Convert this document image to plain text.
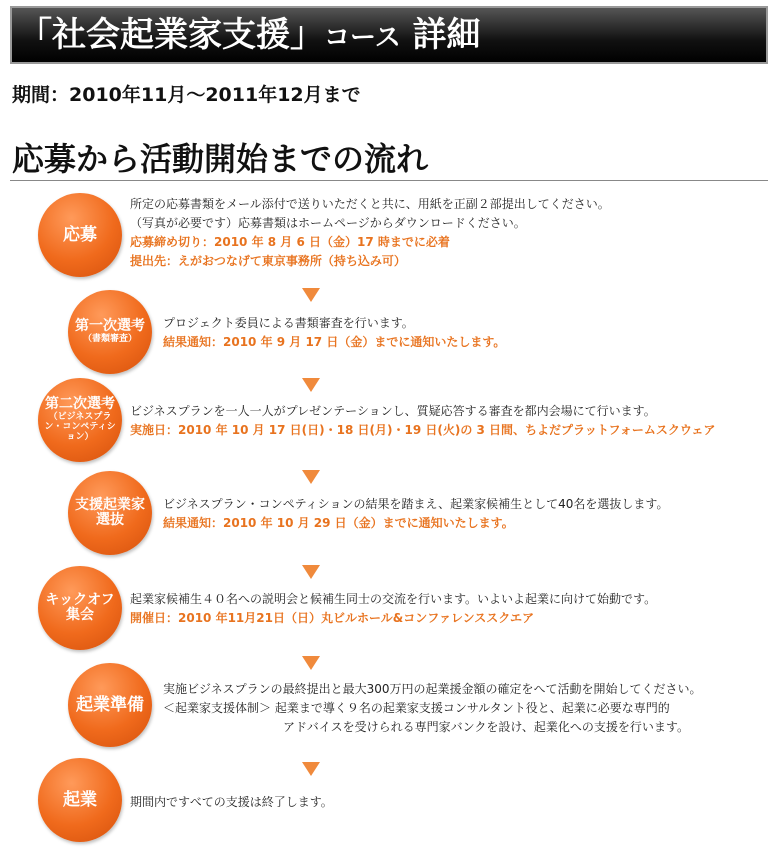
「社会起業家支援」コース 詳細
期間：2010年11月〜2011年12月まで
応募から活動開始までの流れ
応募
所定の応募書類をメール添付で送りいただくと共に、用紙を正副２部提出してください。
（写真が必要です）応募書類はホームページからダウンロードください。
応募締め切り：2010 年 8 月 6 日（金）17 時までに必着
提出先：えがおつなげて東京事務所（持ち込み可）
第一次選考
（書類審査）
プロジェクト委員による書類審査を行います。
結果通知：2010 年 9 月 17 日（金）までに通知いたします。
第二次選考
（ビジネスプラン・コンペティション）
ビジネスプランを一人一人がプレゼンテーションし、質疑応答する審査を都内会場にて行います。
実施日：2010 年 10 月 17 日(日)・18 日(月)・19 日(火)の 3 日間、ちよだプラットフォームスクウェア
支援起業家選抜
ビジネスプラン・コンペティションの結果を踏まえ、起業家候補生として40名を選抜します。
結果通知：2010 年 10 月 29 日（金）までに通知いたします。
キックオフ集会
起業家候補生４０名への説明会と候補生同士の交流を行います。いよいよ起業に向けて始動です。
開催日：2010 年11月21日（日）丸ビルホール&コンファレンススクエア
起業準備
実施ビジネスプランの最終提出と最大300万円の起業援金額の確定をへて活動を開始してください。
＜起業家支援体制＞ 起業まで導く９名の起業家支援コンサルタント役と、起業に必要な専門的
アドバイスを受けられる専門家バンクを設け、起業化への支援を行います。
起業	期間内ですべての支援は終了します。
